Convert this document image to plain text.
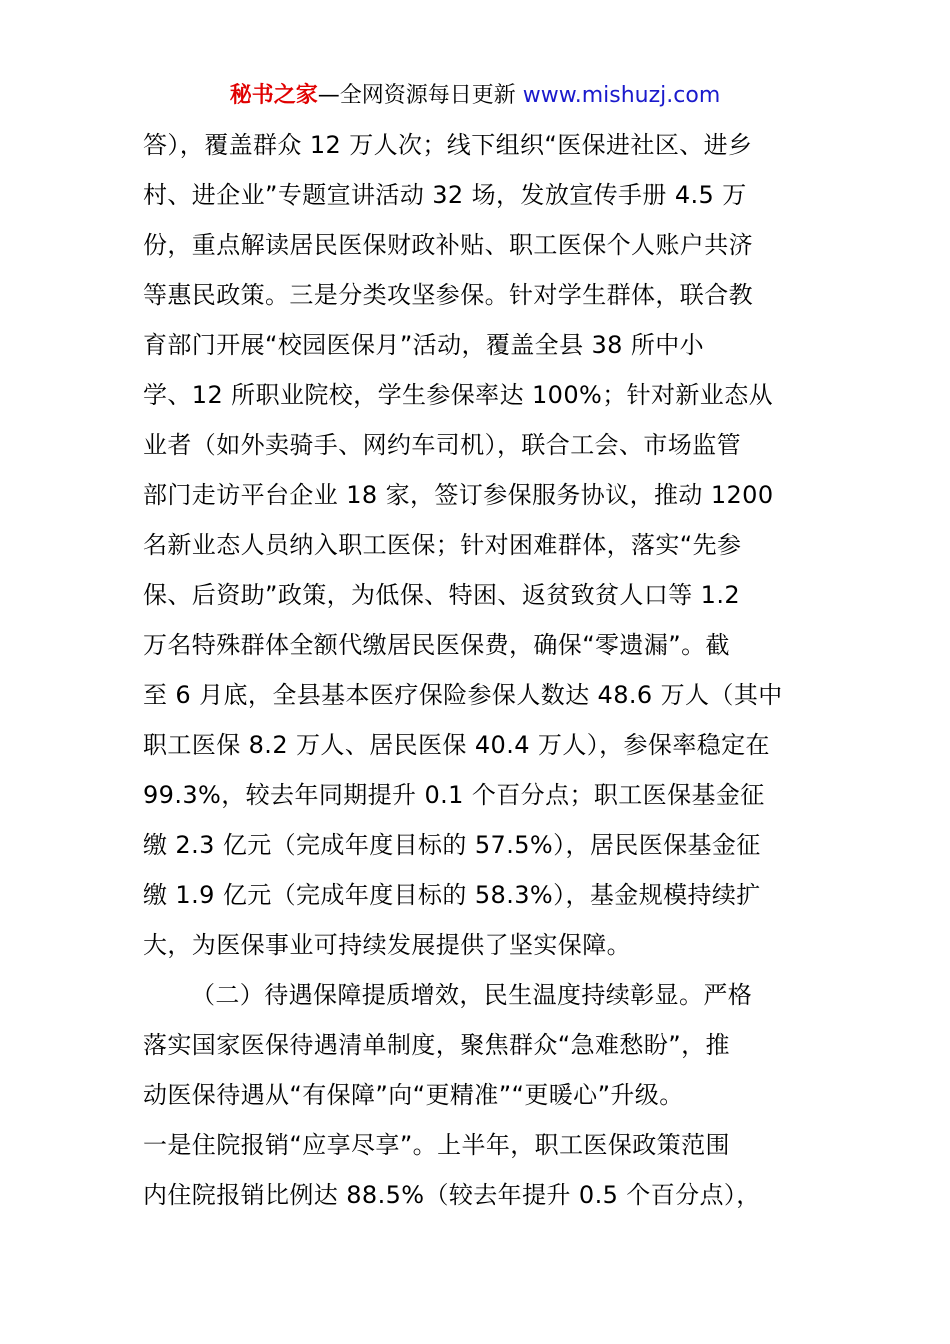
秘书之家—全网资源每日更新 www.mishuzj.com
答），覆盖群众 12 万人次；线下组织“医保进社区、进乡
村、进企业”专题宣讲活动 32 场，发放宣传手册 4.5 万
份，重点解读居民医保财政补贴、职工医保个人账户共济
等惠民政策。三是分类攻坚参保。针对学生群体，联合教
育部门开展“校园医保月”活动，覆盖全县 38 所中小
学、12 所职业院校，学生参保率达 100%；针对新业态从
业者（如外卖骑手、网约车司机），联合工会、市场监管
部门走访平台企业 18 家，签订参保服务协议，推动 1200
名新业态人员纳入职工医保；针对困难群体，落实“先参
保、后资助”政策，为低保、特困、返贫致贫人口等 1.2
万名特殊群体全额代缴居民医保费，确保“零遗漏”。截
至 6 月底，全县基本医疗保险参保人数达 48.6 万人（其中
职工医保 8.2 万人、居民医保 40.4 万人），参保率稳定在
99.3%，较去年同期提升 0.1 个百分点；职工医保基金征
缴 2.3 亿元（完成年度目标的 57.5%），居民医保基金征
缴 1.9 亿元（完成年度目标的 58.3%），基金规模持续扩
大，为医保事业可持续发展提供了坚实保障。
（二）待遇保障提质增效，民生温度持续彰显。严格
落实国家医保待遇清单制度，聚焦群众“急难愁盼”，推
动医保待遇从“有保障”向“更精准”“更暖心”升级。
一是住院报销“应享尽享”。上半年，职工医保政策范围
内住院报销比例达 88.5%（较去年提升 0.5 个百分点），
